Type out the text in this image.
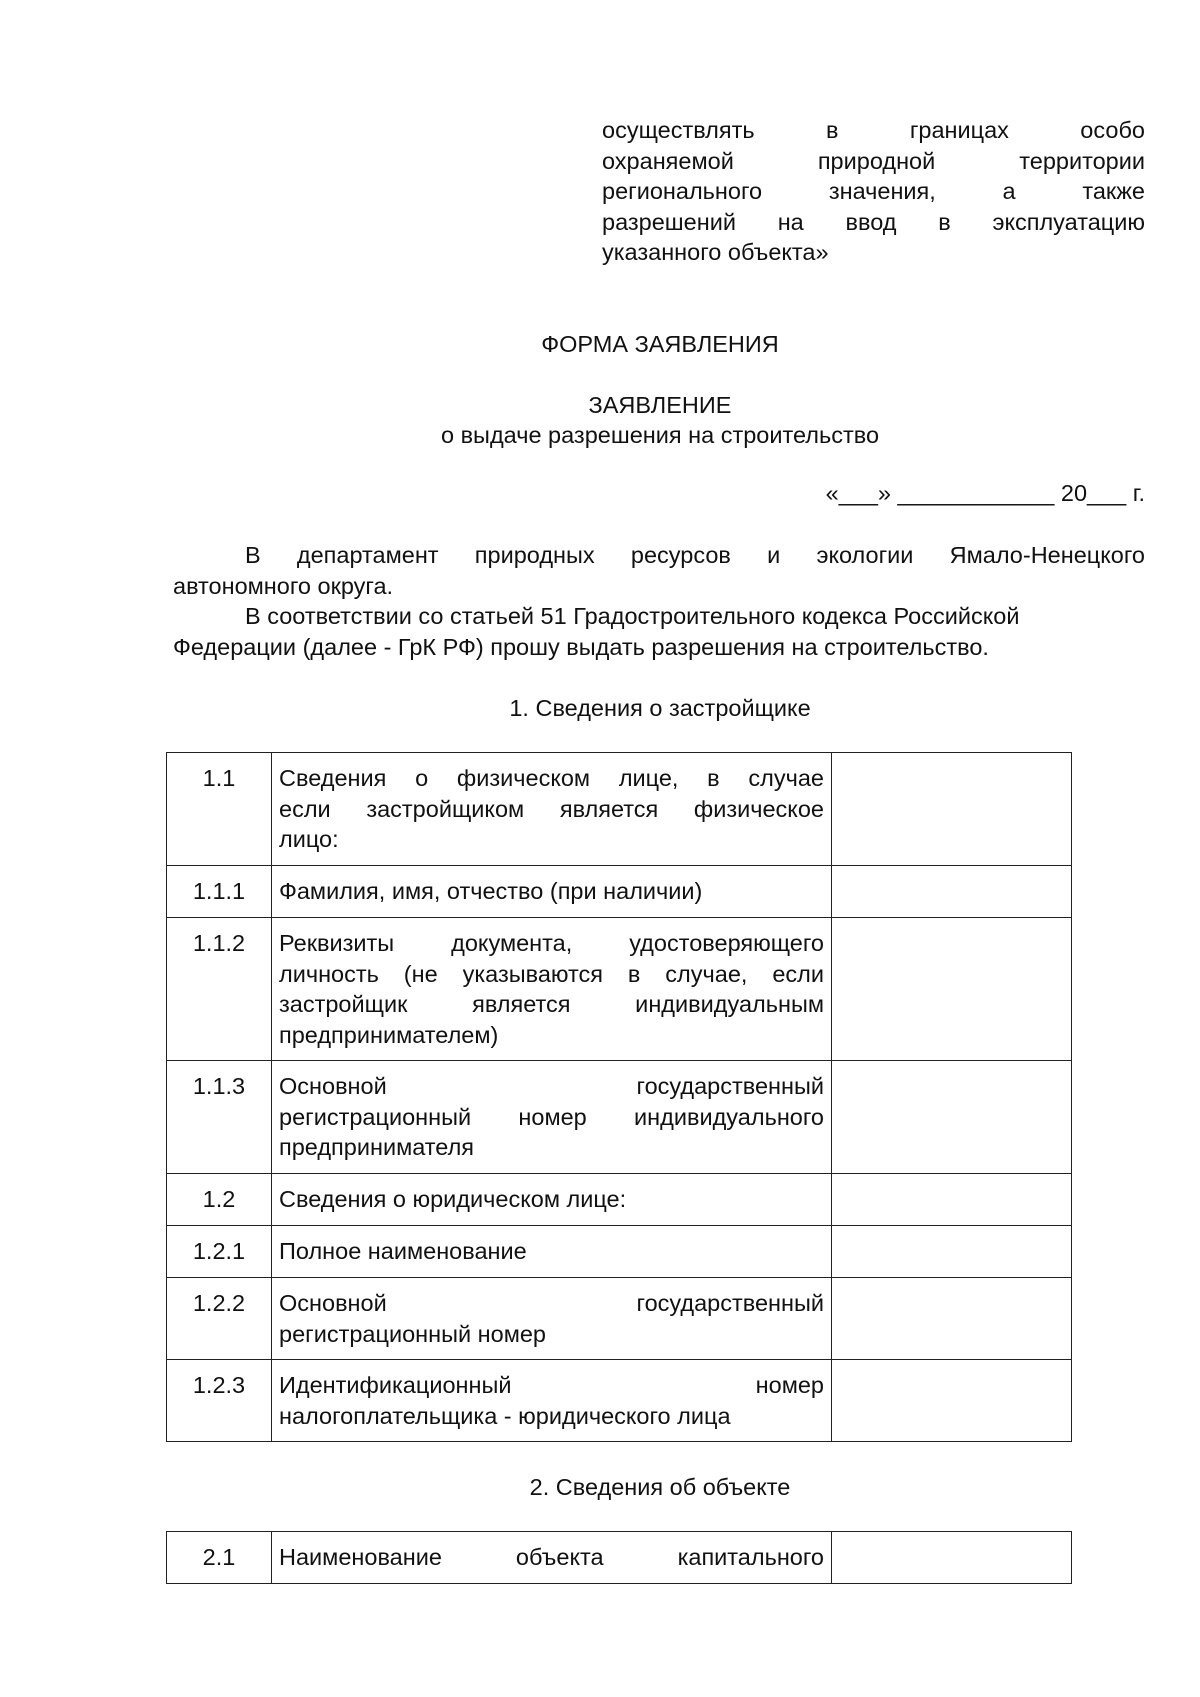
осуществлять в границах особо
охраняемой природной территории
регионального значения, а также
разрешений на ввод в эксплуатацию
указанного объекта»
ФОРМА ЗАЯВЛЕНИЯ
ЗАЯВЛЕНИЕ
о выдаче разрешения на строительство
«___» ____________ 20___ г.
В департамент природных ресурсов и экологии Ямало-Ненецкого
автономного округа.
В соответствии со статьей 51 Градостроительного кодекса Российской
Федерации (далее - ГрК РФ) прошу выдать разрешения на строительство.
1. Сведения о застройщике
1.1	Сведения о физическом лице, в случае
если застройщиком является физическое
лицо:	

1.1.1	Фамилия, имя, отчество (при наличии)	

1.1.2	Реквизиты документа, удостоверяющего
личность (не указываются в случае, если
застройщик является индивидуальным
предпринимателем)	

1.1.3	Основной государственный
регистрационный номер индивидуального
предпринимателя	

1.2	Сведения о юридическом лице:	

1.2.1	Полное наименование	

1.2.2	Основной государственный
регистрационный номер	

1.2.3	Идентификационный номер
налогоплательщика - юридического лица	

2. Сведения об объекте
2.1	Наименование объекта капитального
